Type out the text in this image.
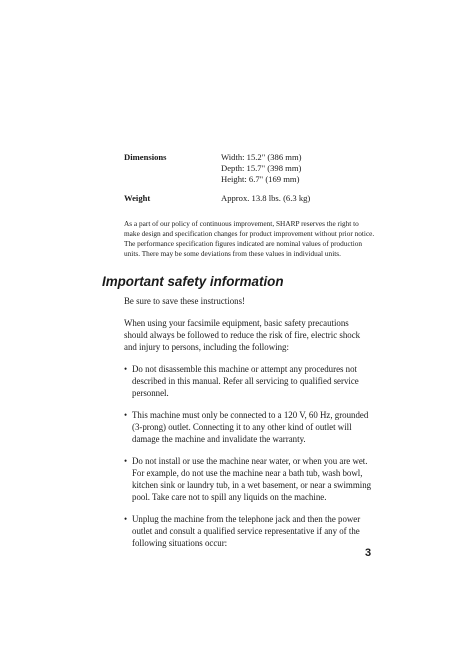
Dimensions	Width: 15.2" (386 mm)
Depth: 15.7" (398 mm)
Height: 6.7" (169 mm)
Weight	Approx. 13.8 lbs. (6.3 kg)
As a part of our policy of continuous improvement, SHARP reserves the right to
make design and specification changes for product improvement without prior notice.
The performance specification figures indicated are nominal values of production
units. There may be some deviations from these values in individual units.
Important safety information
Be sure to save these instructions!
When using your facsimile equipment, basic safety precautions
should always be followed to reduce the risk of fire, electric shock
and injury to persons, including the following:
• Do not disassemble this machine or attempt any procedures not
described in this manual. Refer all servicing to qualified service
personnel.
• This machine must only be connected to a 120 V, 60 Hz, grounded
(3-prong) outlet. Connecting it to any other kind of outlet will
damage the machine and invalidate the warranty.
• Do not install or use the machine near water, or when you are wet.
For example, do not use the machine near a bath tub, wash bowl,
kitchen sink or laundry tub, in a wet basement, or near a swimming
pool. Take care not to spill any liquids on the machine.
• Unplug the machine from the telephone jack and then the power
outlet and consult a qualified service representative if any of the
following situations occur:
3
